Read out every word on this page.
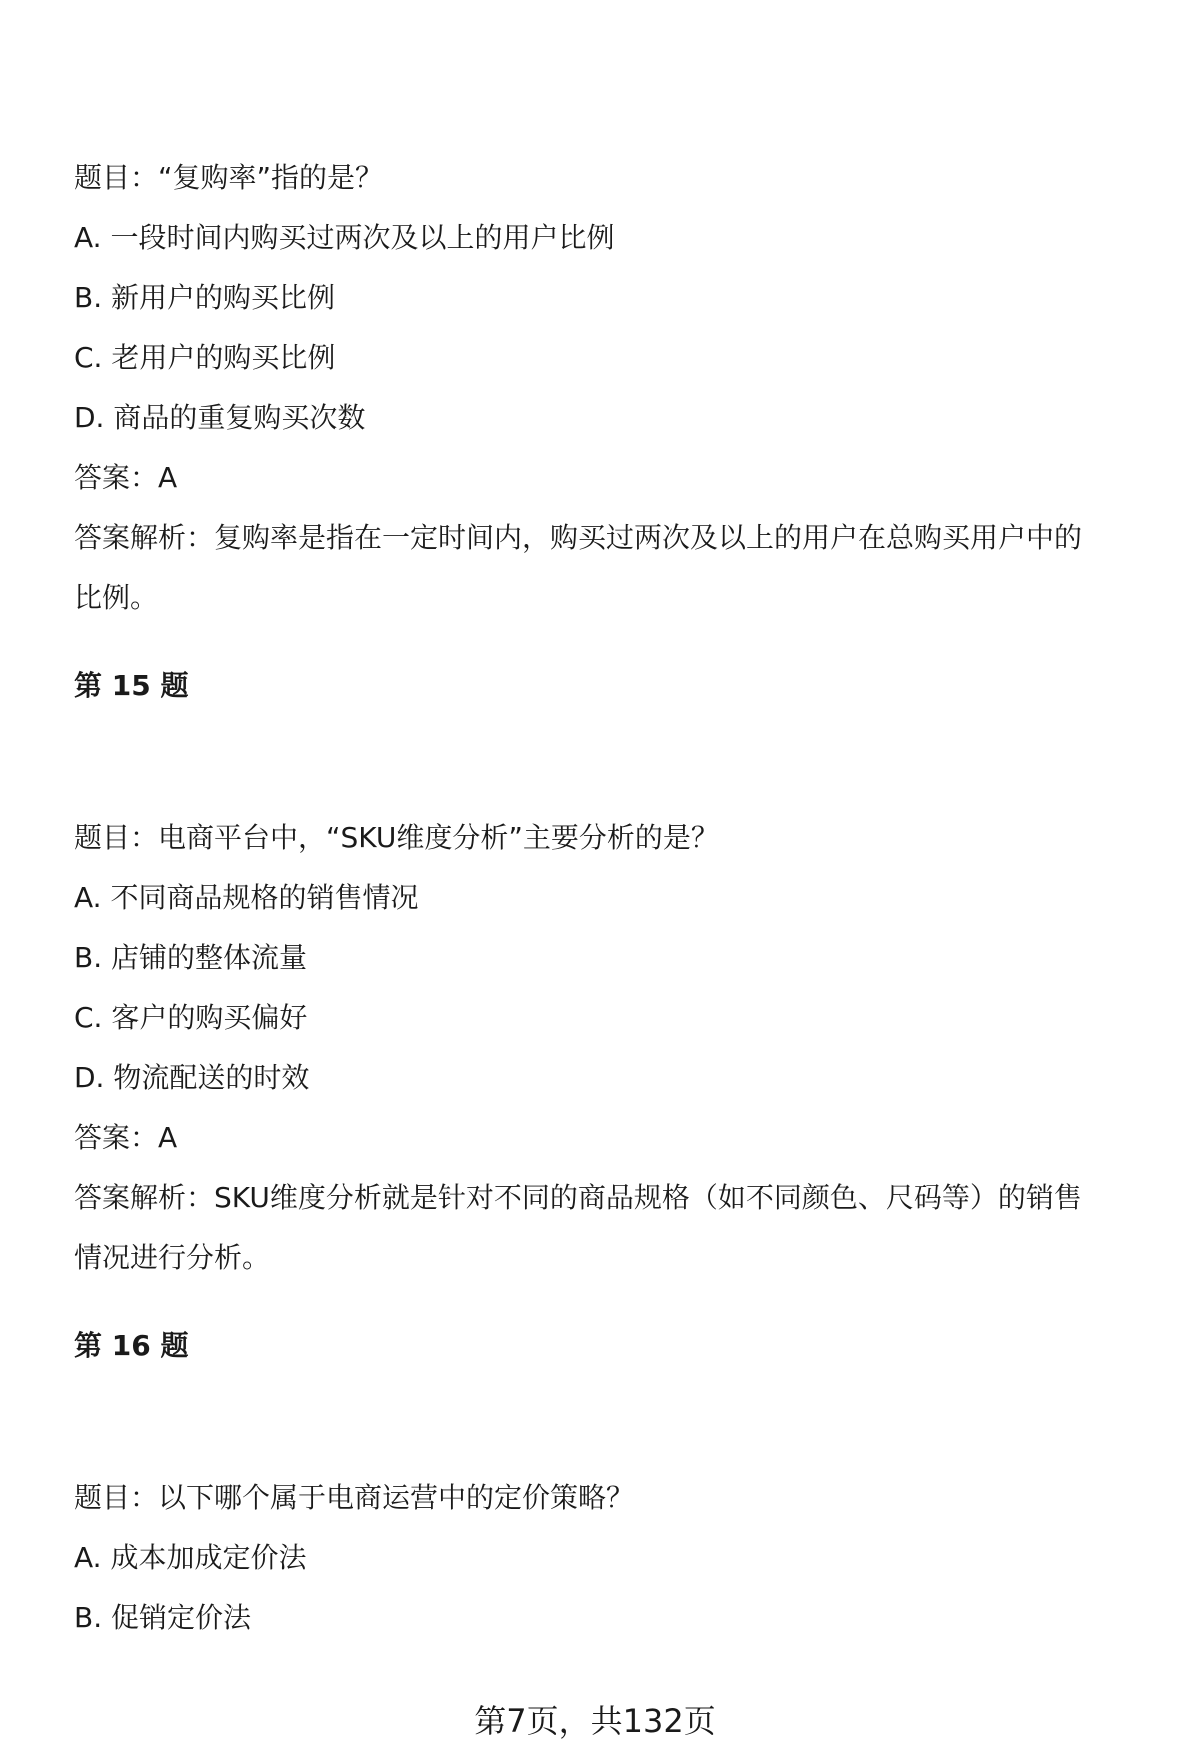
题目：“复购率”指的是？
A. 一段时间内购买过两次及以上的用户比例
B. 新用户的购买比例
C. 老用户的购买比例
D. 商品的重复购买次数
答案：A
答案解析：复购率是指在一定时间内，购买过两次及以上的用户在总购买用户中的
比例。
第 15 题
题目：电商平台中，“SKU维度分析”主要分析的是？
A. 不同商品规格的销售情况
B. 店铺的整体流量
C. 客户的购买偏好
D. 物流配送的时效
答案：A
答案解析：SKU维度分析就是针对不同的商品规格（如不同颜色、尺码等）的销售
情况进行分析。
第 16 题
题目：以下哪个属于电商运营中的定价策略？
A. 成本加成定价法
B. 促销定价法
第7页，共132页
